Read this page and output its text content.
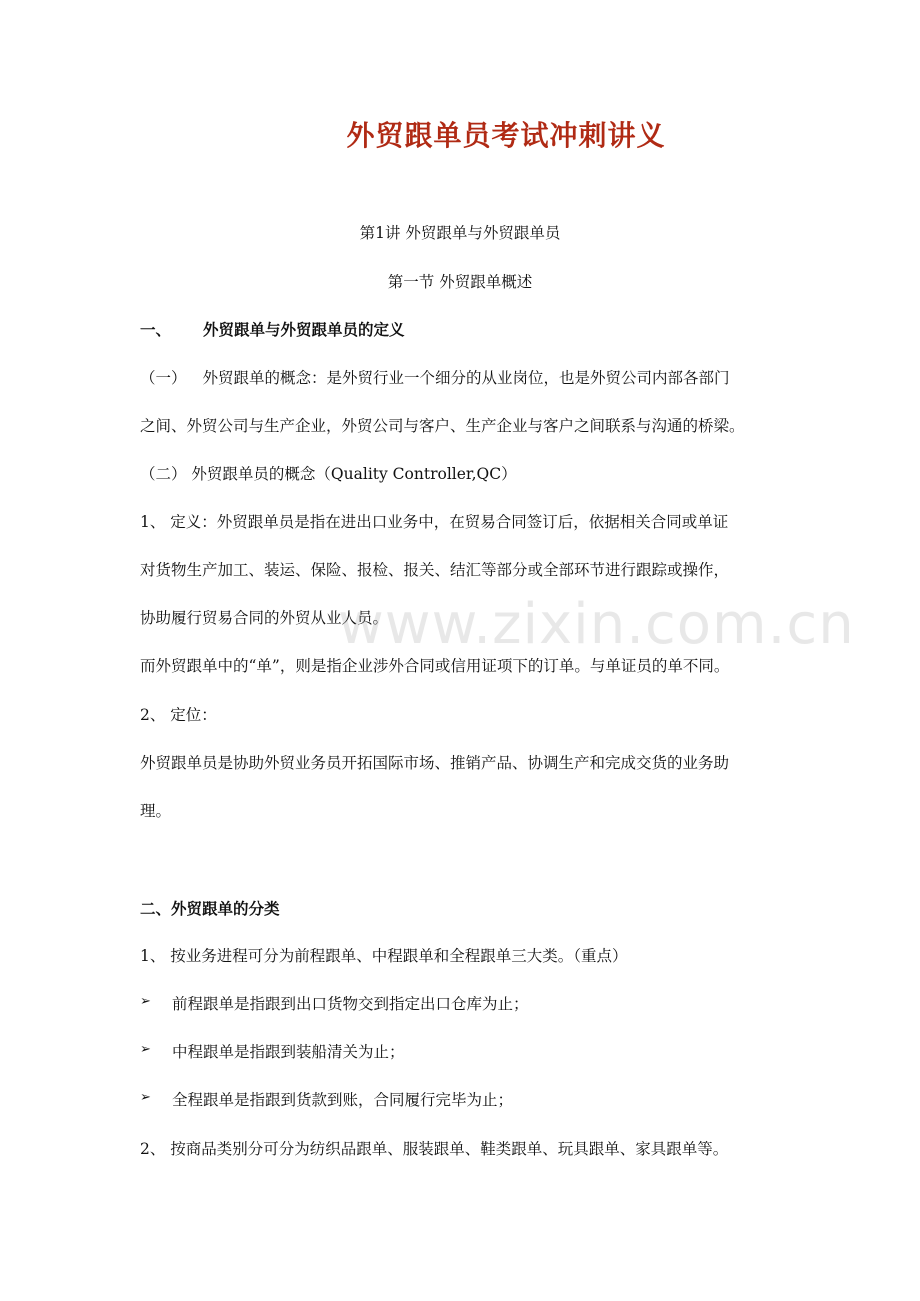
外贸跟单员考试冲刺讲义
第1讲 外贸跟单与外贸跟单员
第一节 外贸跟单概述
一、 外贸跟单与外贸跟单员的定义
（一） 外贸跟单的概念：是外贸行业一个细分的从业岗位，也是外贸公司内部各部门
之间、外贸公司与生产企业，外贸公司与客户、生产企业与客户之间联系与沟通的桥梁。
（二） 外贸跟单员的概念（Quality Controller,QC）
1、 定义：外贸跟单员是指在进出口业务中，在贸易合同签订后，依据相关合同或单证
对货物生产加工、装运、保险、报检、报关、结汇等部分或全部环节进行跟踪或操作，
协助履行贸易合同的外贸从业人员。
而外贸跟单中的“单”，则是指企业涉外合同或信用证项下的订单。与单证员的单不同。
2、 定位：
外贸跟单员是协助外贸业务员开拓国际市场、推销产品、协调生产和完成交货的业务助
理。
二、外贸跟单的分类
1、 按业务进程可分为前程跟单、中程跟单和全程跟单三大类。（重点）
➢ 前程跟单是指跟到出口货物交到指定出口仓库为止；
➢ 中程跟单是指跟到装船清关为止；
➢ 全程跟单是指跟到货款到账，合同履行完毕为止；
2、 按商品类别分可分为纺织品跟单、服装跟单、鞋类跟单、玩具跟单、家具跟单等。
www.zixin.com.cn
